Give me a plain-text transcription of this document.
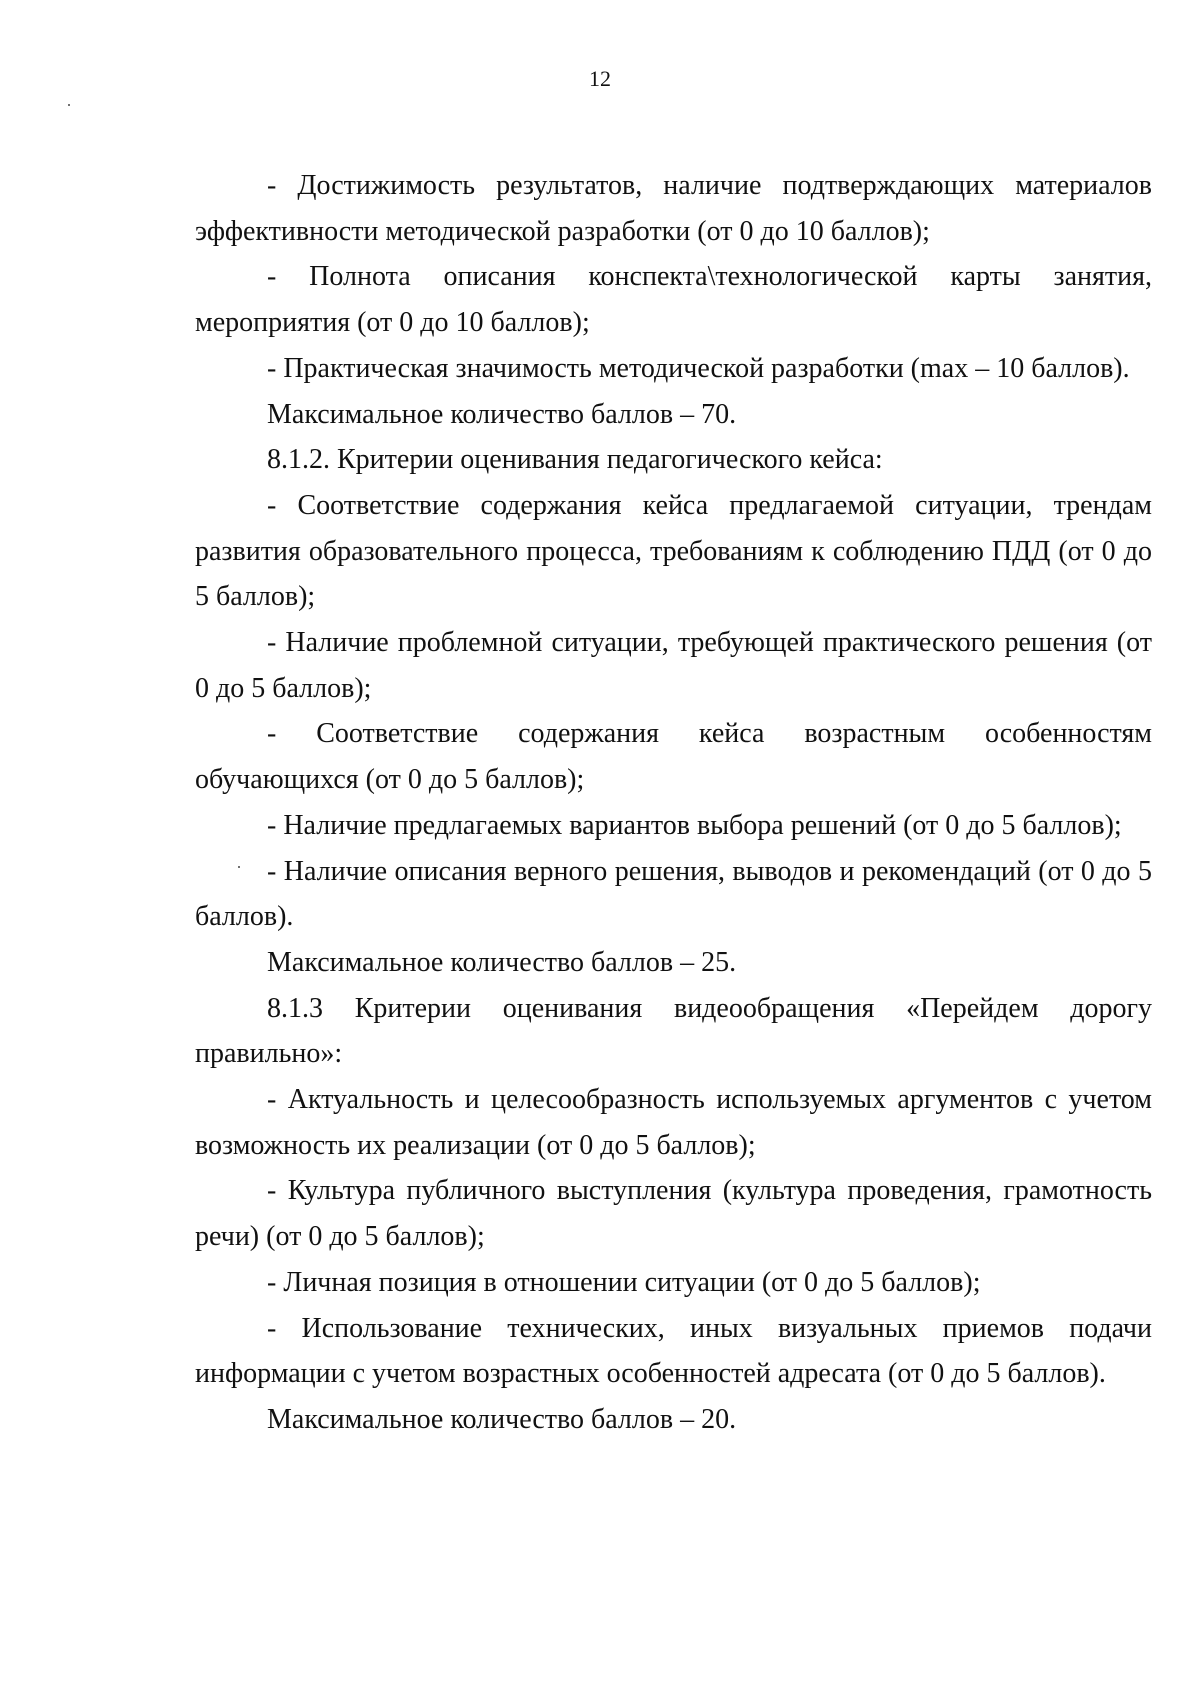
12

- Достижимость результатов, наличие подтверждающих материалов эффективности методической разработки (от 0 до 10 баллов);

- Полнота описания конспекта\технологической карты занятия, мероприятия (от 0 до 10 баллов);

- Практическая значимость методической разработки (max – 10 баллов).

Максимальное количество баллов – 70.

8.1.2. Критерии оценивания педагогического кейса:

- Соответствие содержания кейса предлагаемой ситуации, трендам развития образовательного процесса, требованиям к соблюдению ПДД (от 0 до 5 баллов);

- Наличие проблемной ситуации, требующей практического решения (от 0 до 5 баллов);

- Соответствие содержания кейса возрастным особенностям обучающихся (от 0 до 5 баллов);

- Наличие предлагаемых вариантов выбора решений (от 0 до 5 баллов);

- Наличие описания верного решения, выводов и рекомендаций (от 0 до 5 баллов).

Максимальное количество баллов – 25.

8.1.3 Критерии оценивания видеообращения «Перейдем дорогу правильно»:

- Актуальность и целесообразность используемых аргументов с учетом возможность их реализации (от 0 до 5 баллов);

- Культура публичного выступления (культура проведения, грамотность речи) (от 0 до 5 баллов);

- Личная позиция в отношении ситуации (от 0 до 5 баллов);

- Использование технических, иных визуальных приемов подачи информации с учетом возрастных особенностей адресата (от 0 до 5 баллов).

Максимальное количество баллов – 20.
